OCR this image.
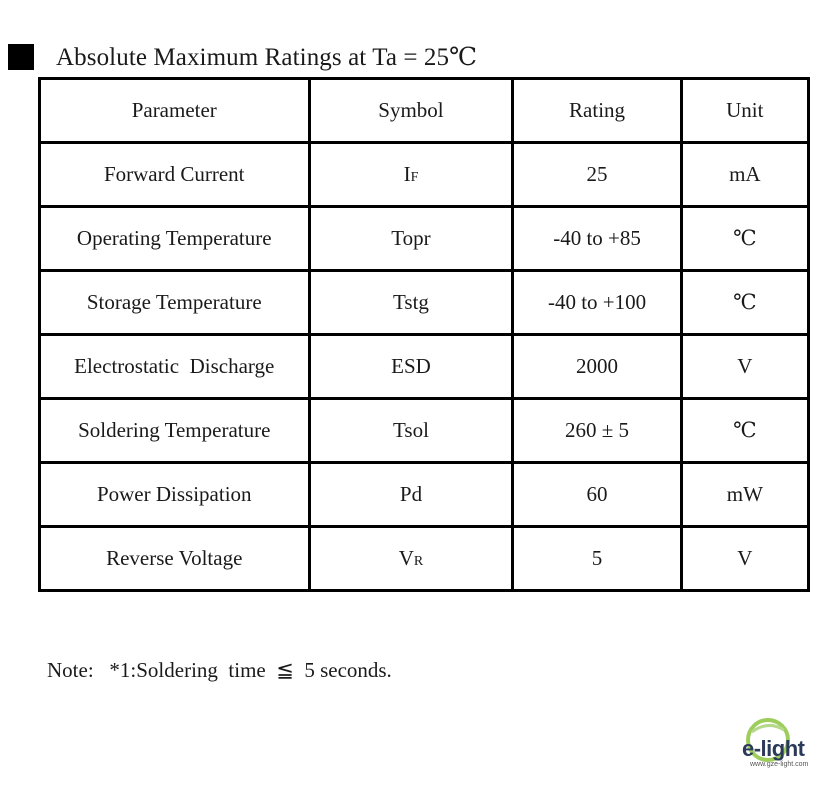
Absolute Maximum Ratings at Ta = 25℃
Parameter	Symbol	Rating	Unit
Forward Current	IF	25	mA
Operating Temperature	Topr	-40 to +85	℃
Storage Temperature	Tstg	-40 to +100	℃
Electrostatic  Discharge	ESD	2000	V
Soldering Temperature	Tsol	260 ± 5	℃
Power Dissipation	Pd	60	mW
Reverse Voltage	VR	5	V
Note:   *1:Soldering  time  ≦  5 seconds.
e-light
www.gze-light.com
